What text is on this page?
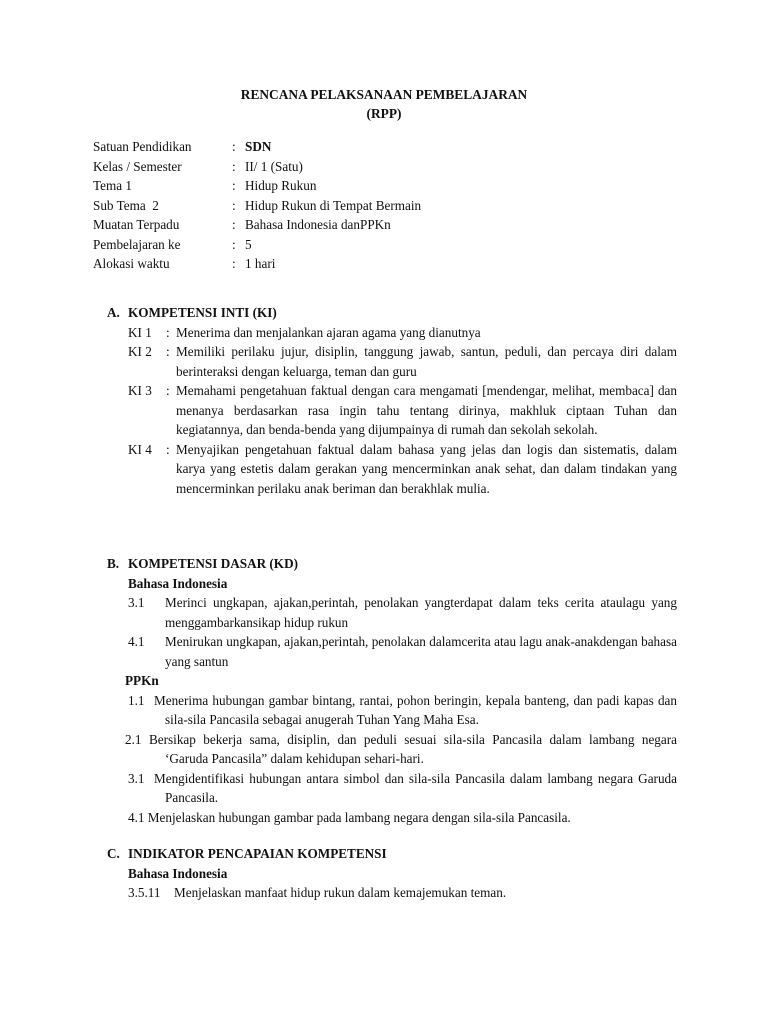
RENCANA PELAKSANAAN PEMBELAJARAN
(RPP)
Satuan Pendidikan	: SDN
Kelas / Semester	: II/ 1 (Satu)
Tema 1	: Hidup Rukun
Sub Tema  2	: Hidup Rukun di Tempat Bermain
Muatan Terpadu	: Bahasa Indonesia danPPKn
Pembelajaran ke	: 5
Alokasi waktu	: 1 hari
A. KOMPETENSI INTI (KI)
KI 1	: Menerima dan menjalankan ajaran agama yang dianutnya
KI 2	: Memiliki perilaku jujur, disiplin, tanggung jawab, santun, peduli, dan percaya diri dalam berinteraksi dengan keluarga, teman dan guru
KI 3	: Memahami pengetahuan faktual dengan cara mengamati [mendengar, melihat, membaca] dan menanya berdasarkan rasa ingin tahu tentang dirinya, makhluk ciptaan Tuhan dan kegiatannya, dan benda-benda yang dijumpainya di rumah dan sekolah sekolah.
KI 4	: Menyajikan pengetahuan faktual dalam bahasa yang jelas dan logis dan sistematis, dalam karya yang estetis dalam gerakan yang mencerminkan anak sehat, dan dalam tindakan yang mencerminkan perilaku anak beriman dan berakhlak mulia.
B. KOMPETENSI DASAR (KD)
Bahasa Indonesia
3.1	Merinci ungkapan, ajakan,perintah, penolakan yangterdapat dalam teks cerita ataulagu yang menggambarkansikap hidup rukun
4.1	Menirukan ungkapan, ajakan,perintah, penolakan dalamcerita atau lagu anak-anakdengan bahasa yang santun
PPKn
1.1 Menerima hubungan gambar bintang, rantai, pohon beringin, kepala banteng, dan padi kapas dan sila-sila Pancasila sebagai anugerah Tuhan Yang Maha Esa.
2.1 Bersikap bekerja sama, disiplin, dan peduli sesuai sila-sila Pancasila dalam lambang negara ‘Garuda Pancasila” dalam kehidupan sehari-hari.
3.1 Mengidentifikasi hubungan antara simbol dan sila-sila Pancasila dalam lambang negara Garuda Pancasila.
4.1 Menjelaskan hubungan gambar pada lambang negara dengan sila-sila Pancasila.
C. INDIKATOR PENCAPAIAN KOMPETENSI
Bahasa Indonesia
3.5.11	Menjelaskan manfaat hidup rukun dalam kemajemukan teman.
